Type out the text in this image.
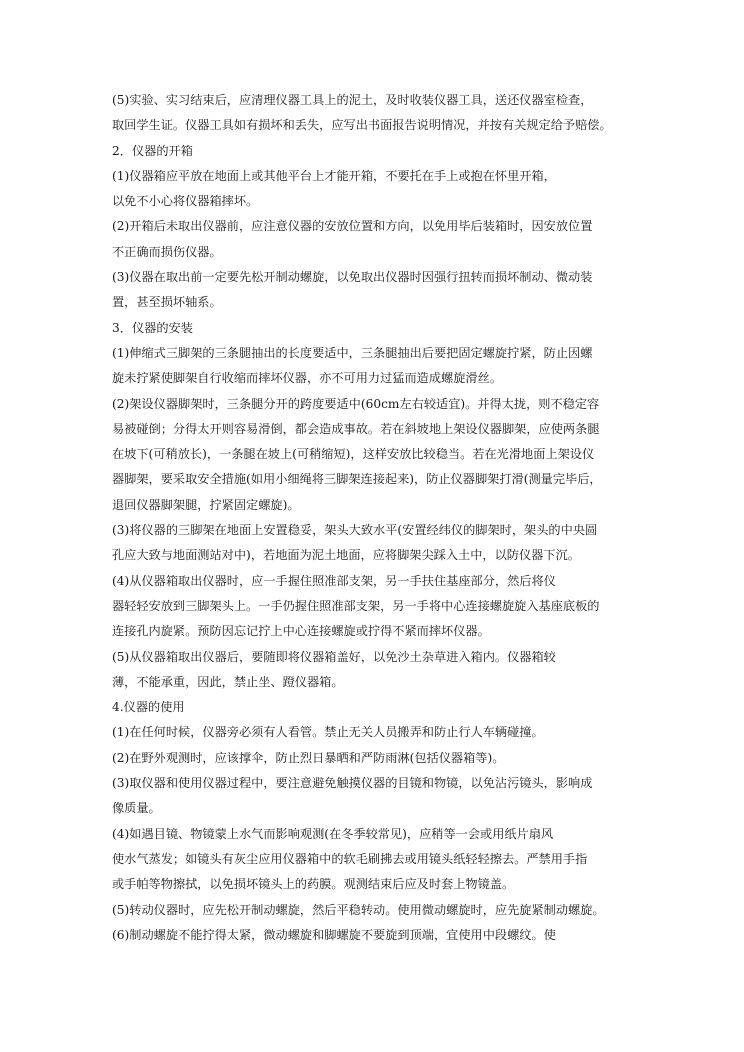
(5)实验、实习结束后，应清理仪器工具上的泥土，及时收装仪器工具，送还仪器室检查，
取回学生证。仪器工具如有损坏和丢失，应写出书面报告说明情况，并按有关规定给予赔偿。
2．仪器的开箱
(1)仪器箱应平放在地面上或其他平台上才能开箱，不要托在手上或抱在怀里开箱，
以免不小心将仪器箱摔坏。
(2)开箱后未取出仪器前，应注意仪器的安放位置和方向，以免用毕后装箱时，因安放位置
不正确而损伤仪器。
(3)仪器在取出前一定要先松开制动螺旋，以免取出仪器时因强行扭转而损坏制动、微动装
置，甚至损坏轴系。
3．仪器的安装
(1)伸缩式三脚架的三条腿抽出的长度要适中，三条腿抽出后要把固定螺旋拧紧，防止因螺
旋未拧紧使脚架自行收缩而摔坏仪器，亦不可用力过猛而造成螺旋滑丝。
(2)架设仪器脚架时，三条腿分开的跨度要适中(60cm左右较适宜)。并得太拢，则不稳定容
易被碰倒；分得太开则容易滑倒，都会造成事故。若在斜坡地上架设仪器脚架，应使两条腿
在坡下(可稍放长)，一条腿在坡上(可稍缩短)，这样安放比较稳当。若在光滑地面上架设仪
器脚架，要采取安全措施(如用小细绳将三脚架连接起来)，防止仪器脚架打滑(测量完毕后，
退回仪器脚架腿，拧紧固定螺旋)。
(3)将仪器的三脚架在地面上安置稳妥，架头大致水平(安置经纬仪的脚架时，架头的中央圆
孔应大致与地面测站对中)，若地面为泥土地面，应将脚架尖踩入土中，以防仪器下沉。
(4)从仪器箱取出仪器时，应一手握住照准部支架，另一手扶住基座部分，然后将仪
器轻轻安放到三脚架头上。一手仍握住照准部支架，另一手将中心连接螺旋旋入基座底板的
连接孔内旋紧。预防因忘记拧上中心连接螺旋或拧得不紧而摔坏仪器。
(5)从仪器箱取出仪器后，要随即将仪器箱盖好，以免沙土杂草进入箱内。仪器箱较
薄，不能承重，因此，禁止坐、蹬仪器箱。
4.仪器的使用
(1)在任何时候，仪器旁必须有人看管。禁止无关人员搬弄和防止行人车辆碰撞。
(2)在野外观测时，应该撑伞，防止烈日暴晒和严防雨淋(包括仪器箱等)。
(3)取仪器和使用仪器过程中，要注意避免触摸仪器的目镜和物镜，以免沾污镜头，影响成
像质量。
(4)如遇目镜、物镜蒙上水气而影响观测(在冬季较常见)，应稍等一会或用纸片扇风
使水气蒸发；如镜头有灰尘应用仪器箱中的软毛刷拂去或用镜头纸轻轻擦去。严禁用手指
或手帕等物擦拭，以免损坏镜头上的药膜。观测结束后应及时套上物镜盖。
(5)转动仪器时，应先松开制动螺旋，然后平稳转动。使用微动螺旋时，应先旋紧制动螺旋。
(6)制动螺旋不能拧得太紧，微动螺旋和脚螺旋不要旋到顶端，宜使用中段螺纹。使
